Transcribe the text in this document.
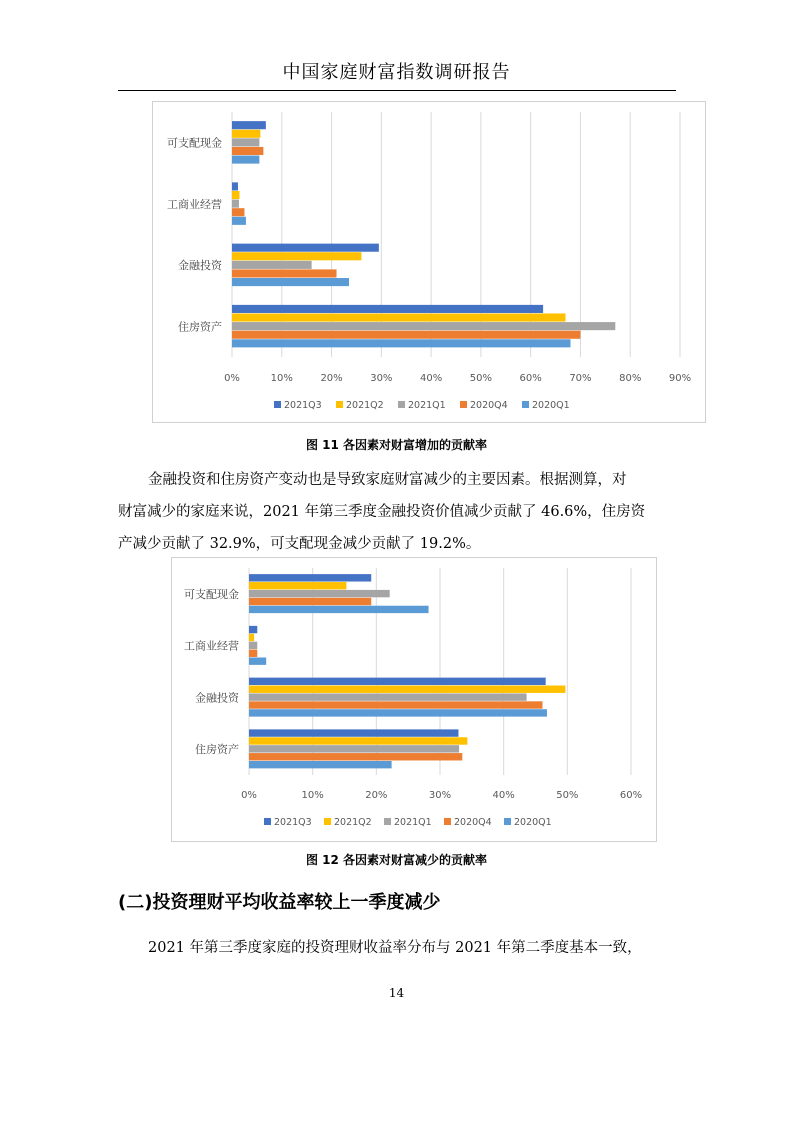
中国家庭财富指数调研报告
0%	10%	20%	30%	40%	50%	60%	70%	80%	90%
可支配现金
工商业经营
金融投资
住房资产
2021Q3	2021Q2	2021Q1	2020Q4	2020Q1
图 11 各因素对财富增加的贡献率

金融投资和住房资产变动也是导致家庭财富减少的主要因素。根据测算，对
财富减少的家庭来说，2021 年第三季度金融投资价值减少贡献了 46.6%，住房资
产减少贡献了 32.9%，可支配现金减少贡献了 19.2%。

0%	10%	20%	30%	40%	50%	60%
可支配现金
工商业经营
金融投资
住房资产
2021Q3 2021Q2 2021Q1 2020Q4 2020Q1
图 12 各因素对财富减少的贡献率
(二)投资理财平均收益率较上一季度减少

2021 年第三季度家庭的投资理财收益率分布与 2021 年第二季度基本一致，

14
